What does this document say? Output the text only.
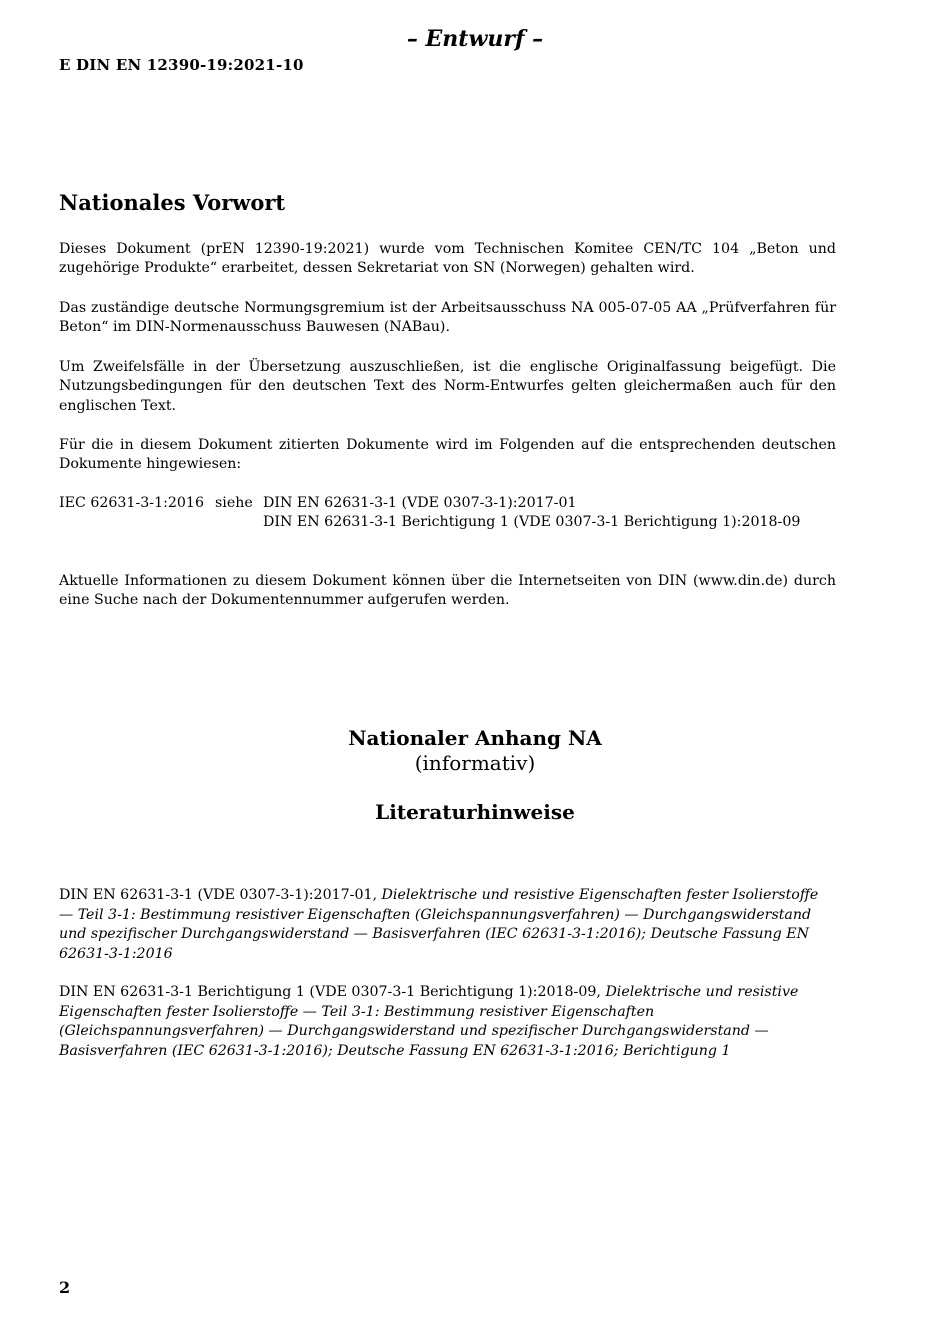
– Entwurf –
E DIN EN 12390-19:2021-10
Nationales Vorwort

Dieses Dokument (prEN 12390-19:2021) wurde vom Technischen Komitee CEN/TC 104 „Beton und zugehörige Produkte“ erarbeitet, dessen Sekretariat von SN (Norwegen) gehalten wird.

Das zuständige deutsche Normungsgremium ist der Arbeitsausschuss NA 005-07-05 AA „Prüfverfahren für Beton“ im DIN-Normenausschuss Bauwesen (NABau).

Um Zweifelsfälle in der Übersetzung auszuschließen, ist die englische Originalfassung beigefügt. Die Nutzungsbedingungen für den deutschen Text des Norm-Entwurfes gelten gleichermaßen auch für den englischen Text.

Für die in diesem Dokument zitierten Dokumente wird im Folgenden auf die entsprechenden deutschen Dokumente hingewiesen:

IEC 62631-3-1:2016 siehe DIN EN 62631-3-1 (VDE 0307-3-1):2017-01
DIN EN 62631-3-1 Berichtigung 1 (VDE 0307-3-1 Berichtigung 1):2018-09

Aktuelle Informationen zu diesem Dokument können über die Internetseiten von DIN (www.din.de) durch eine Suche nach der Dokumentennummer aufgerufen werden.

Nationaler Anhang NA
(informativ)
Literaturhinweise

DIN EN 62631-3-1 (VDE 0307-3-1):2017-01, Dielektrische und resistive Eigenschaften fester Isolierstoffe — Teil 3-1: Bestimmung resistiver Eigenschaften (Gleichspannungsverfahren) — Durchgangswiderstand und spezifischer Durchgangswiderstand — Basisverfahren (IEC 62631-3-1:2016); Deutsche Fassung EN 62631-3-1:2016

DIN EN 62631-3-1 Berichtigung 1 (VDE 0307-3-1 Berichtigung 1):2018-09, Dielektrische und resistive Eigenschaften fester Isolierstoffe — Teil 3-1: Bestimmung resistiver Eigenschaften (Gleichspannungsverfahren) — Durchgangswiderstand und spezifischer Durchgangswiderstand — Basisverfahren (IEC 62631-3-1:2016); Deutsche Fassung EN 62631-3-1:2016; Berichtigung 1

2
